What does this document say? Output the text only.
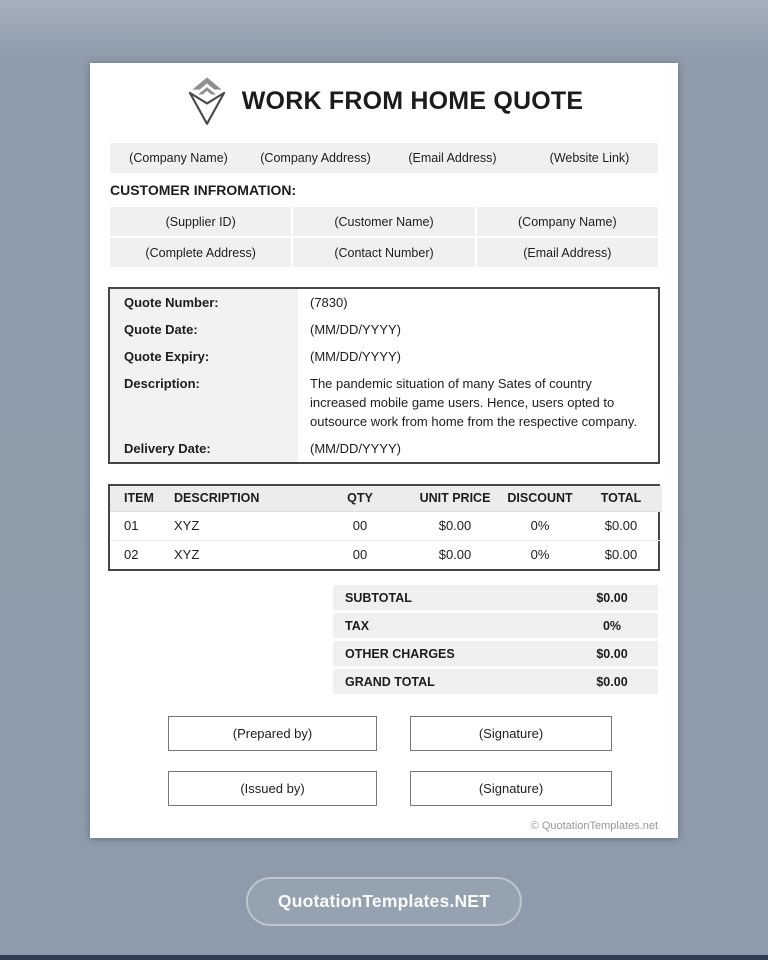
WORK FROM HOME QUOTE
(Company Name)	(Company Address)	(Email Address)	(Website Link)
CUSTOMER INFROMATION:
(Supplier ID)	(Customer Name)	(Company Name)
(Complete Address)	(Contact Number)	(Email Address)
Quote Number:	(7830)
Quote Date:	(MM/DD/YYYY)
Quote Expiry:	(MM/DD/YYYY)
Description:	The pandemic situation of many Sates of country increased mobile game users. Hence, users opted to outsource work from home from the respective company.
Delivery Date:	(MM/DD/YYYY)
ITEM	DESCRIPTION	QTY	UNIT PRICE	DISCOUNT	TOTAL
01	XYZ	00	$0.00	0%	$0.00
02	XYZ	00	$0.00	0%	$0.00
SUBTOTAL	$0.00
TAX	0%
OTHER CHARGES	$0.00
GRAND TOTAL	$0.00
(Prepared by)	(Signature)
(Issued by)	(Signature)
© QuotationTemplates.net
QuotationTemplates.NET
